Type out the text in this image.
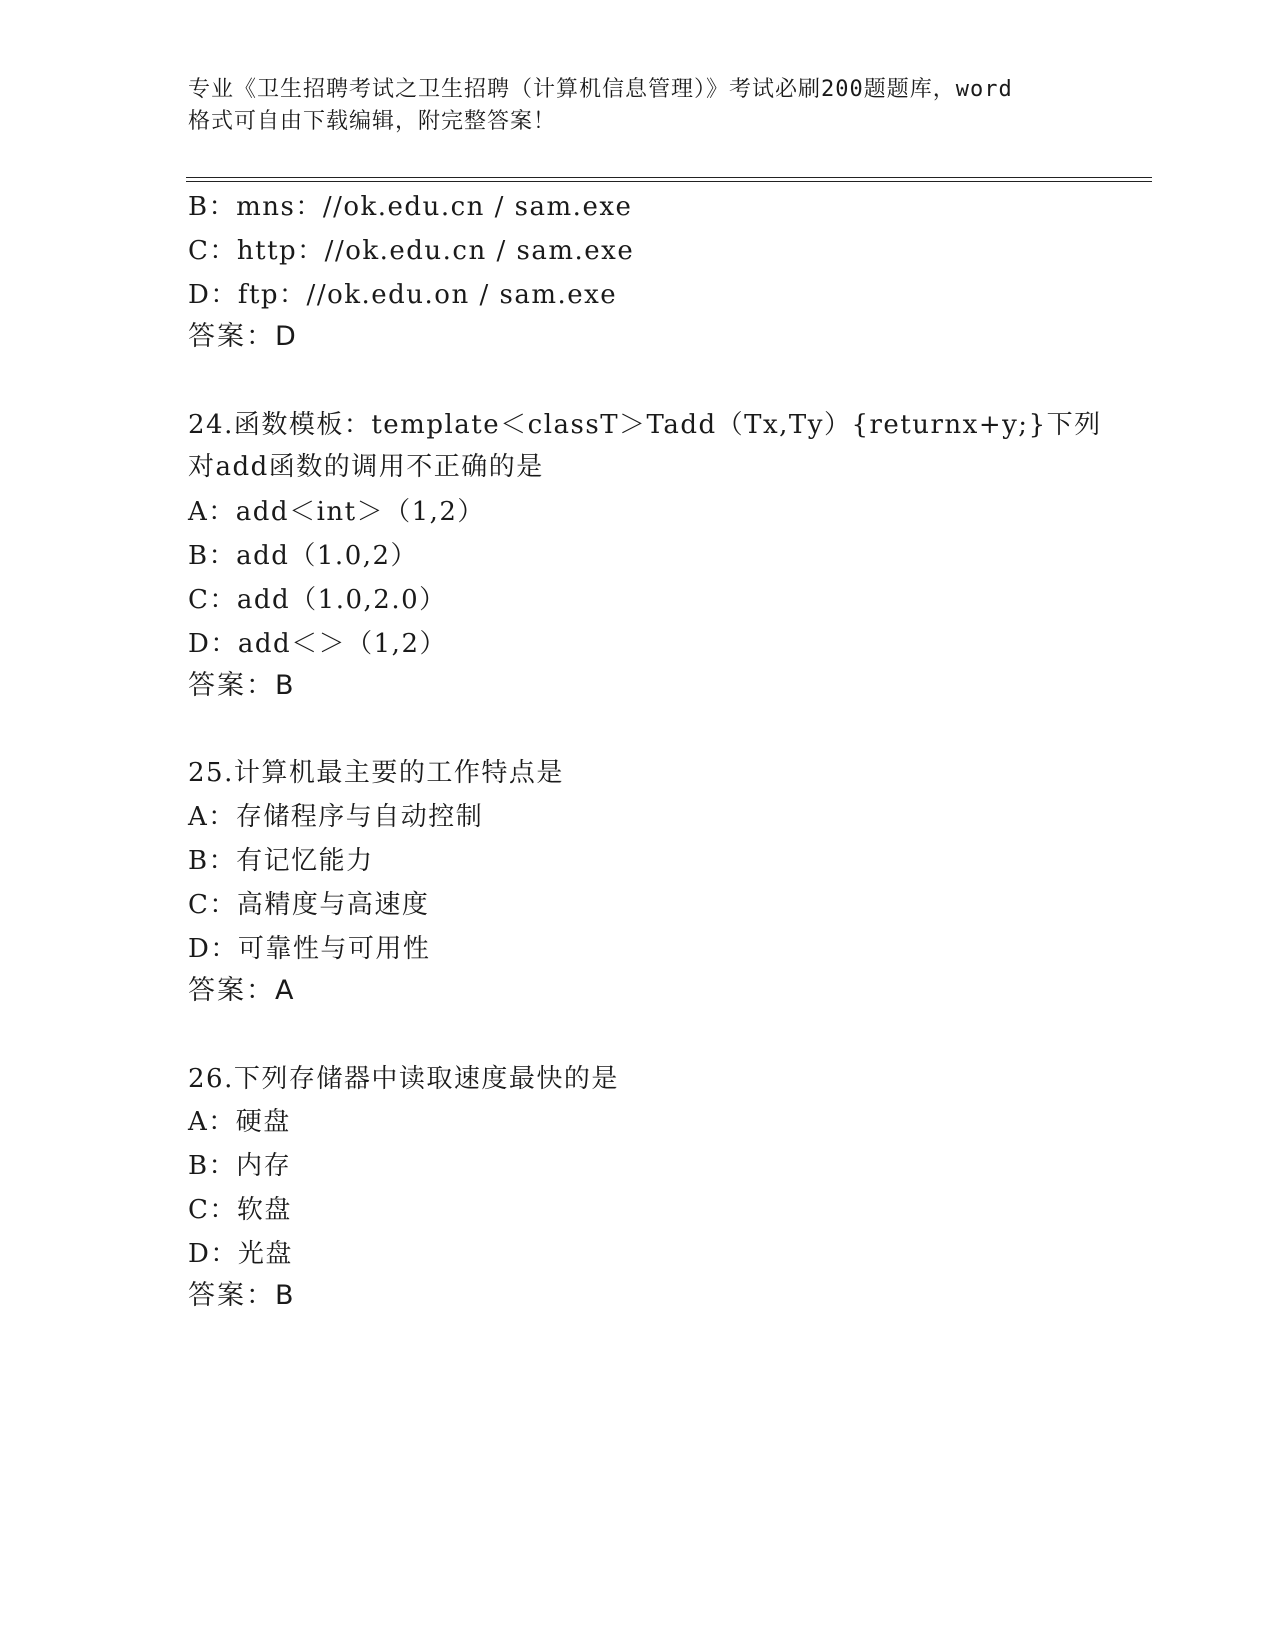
专业《卫生招聘考试之卫生招聘（计算机信息管理）》考试必刷200题题库，word
格式可自由下载编辑，附完整答案！
B：mns：//ok.edu.cn / sam.exe
C：http：//ok.edu.cn / sam.exe
D：ftp：//ok.edu.on / sam.exe
答案：D
24.函数模板：template＜classT＞Tadd（Tx,Ty）{returnx+y;}下列
对add函数的调用不正确的是
A：add＜int＞（1,2）
B：add（1.0,2）
C：add（1.0,2.0）
D：add＜＞（1,2）
答案：B
25.计算机最主要的工作特点是
A：存储程序与自动控制
B：有记忆能力
C：高精度与高速度
D：可靠性与可用性
答案：A
26.下列存储器中读取速度最快的是
A：硬盘
B：内存
C：软盘
D：光盘
答案：B
